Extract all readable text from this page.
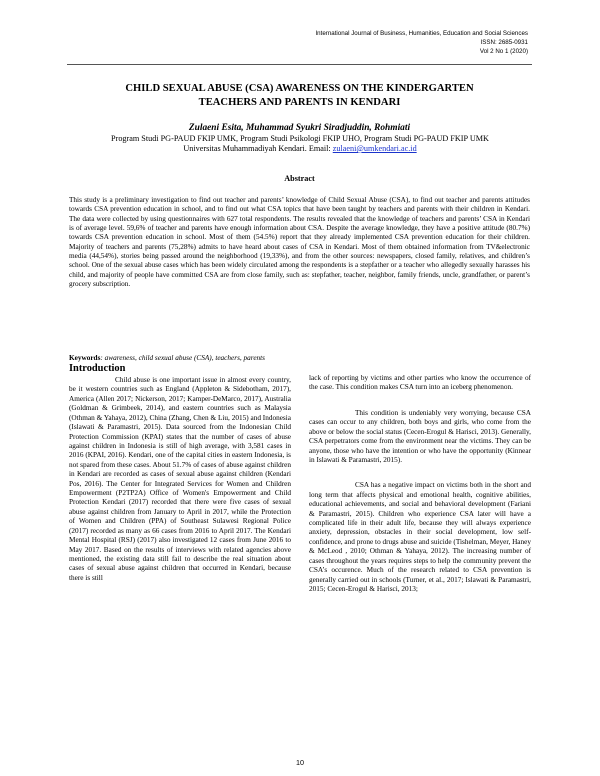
International Journal of Business, Humanities, Education and Social Sciences
ISSN: 2685-0931
Vol 2 No 1 (2020)
CHILD SEXUAL ABUSE (CSA) AWARENESS ON THE KINDERGARTEN
TEACHERS AND PARENTS IN KENDARI
Zulaeni Esita, Muhammad Syukri Siradjuddin, Rohmiati
Program Studi PG-PAUD FKIP UMK, Program Studi Psikologi FKIP UHO, Program Studi PG-PAUD FKIP UMK
Universitas Muhammadiyah Kendari. Email: zulaeni@umkendari.ac.id
Abstract
This study is a preliminary investigation to find out teacher and parents’ knowledge of Child Sexual Abuse (CSA), to find out teacher and parents attitudes towards CSA prevention education in school, and to find out what CSA topics that have been taught by teachers and parents with their children in Kendari. The data were collected by using questionnaires with 627 total respondents. The results revealed that the knowledge of teachers and parents’ CSA in Kendari is of average level. 59,6% of teacher and parents have enough information about CSA. Despite the average knowledge, they have a positive attitude (80.7%) towards CSA prevention education in school. Most of them (54.5%) report that they already implemented CSA prevention education for their children. Majority of teachers and parents (75,28%) admits to have heard about cases of CSA in Kendari. Most of them obtained information from TV&electronic media (44,54%), stories being passed around the neighborhood (19,33%), and from the other sources: newspapers, closed family, relatives, and children’s school. One of the sexual abuse cases which has been widely circulated among the respondents is a stepfather or a teacher who allegedly sexually harasses his child, and majority of people have committed CSA are from close family, such as: stepfather, teacher, neighbor, family friends, uncle, grandfather, or parent’s grocery subscription.
Keywords: awareness, child sexual abuse (CSA), teachers, parents
Introduction

Child abuse is one important issue in almost every country, be it western countries such as England (Appleton & Sidebotham, 2017), America (Allen 2017; Nickerson, 2017; Kamper-DeMarco, 2017), Australia (Goldman & Grimbeek, 2014), and eastern countries such as Malaysia (Othman & Yahaya, 2012), China (Zhang, Chen & Liu, 2015) and Indonesia (Islawati & Paramastri, 2015). Data sourced from the Indonesian Child Protection Commission (KPAI) states that the number of cases of abuse against children in Indonesia is still of high average, with 3,581 cases in 2016 (KPAI, 2016). Kendari, one of the capital cities in eastern Indonesia, is not spared from these cases. About 51.7% of cases of abuse against children in Kendari are recorded as cases of sexual abuse against children (Kendari Pos, 2016). The Center for Integrated Services for Women and Children Empowerment (P2TP2A) Office of Women's Empowerment and Child Protection Kendari (2017) recorded that there were five cases of sexual abuse against children from January to April in 2017, while the Protection of Women and Children (PPA) of Southeast Sulawesi Regional Police (2017) recorded as many as 66 cases from 2016 to April 2017. The Kendari Mental Hospital (RSJ) (2017) also investigated 12 cases from June 2016 to May 2017. Based on the results of interviews with related agencies above mentioned, the existing data still fail to describe the real situation about cases of sexual abuse against children that occurred in Kendari, because there is still

lack of reporting by victims and other parties who know the occurrence of the case. This condition makes CSA turn into an iceberg phenomenon.

This condition is undeniably very worrying, because CSA cases can occur to any children, both boys and girls, who come from the above or below the social status (Cecen-Erogul & Harisci, 2013). Generally, CSA perpetrators come from the environment near the victims. They can be anyone, those who have the intention or who have the opportunity (Kinnear in Islawati & Paramastri, 2015).

CSA has a negative impact on victims both in the short and long term that affects physical and emotional health, cognitive abilities, educational achievements, and social and behavioral development (Fariani & Paramastri, 2015). Children who experience CSA later will have a complicated life in their adult life, because they will always experience anxiety, depression, obstacles in their social development, low self-confidence, and prone to drugs abuse and suicide (Tishelman, Meyer, Haney & McLeod , 2010; Othman & Yahaya, 2012). The increasing number of cases throughout the years requires steps to help the community prevent the CSA’s occurence. Much of the research related to CSA prevention is generally carried out in schools (Turner, et al., 2017; Islawati & Paramastri, 2015; Cecen-Erogul & Harisci, 2013;

10
